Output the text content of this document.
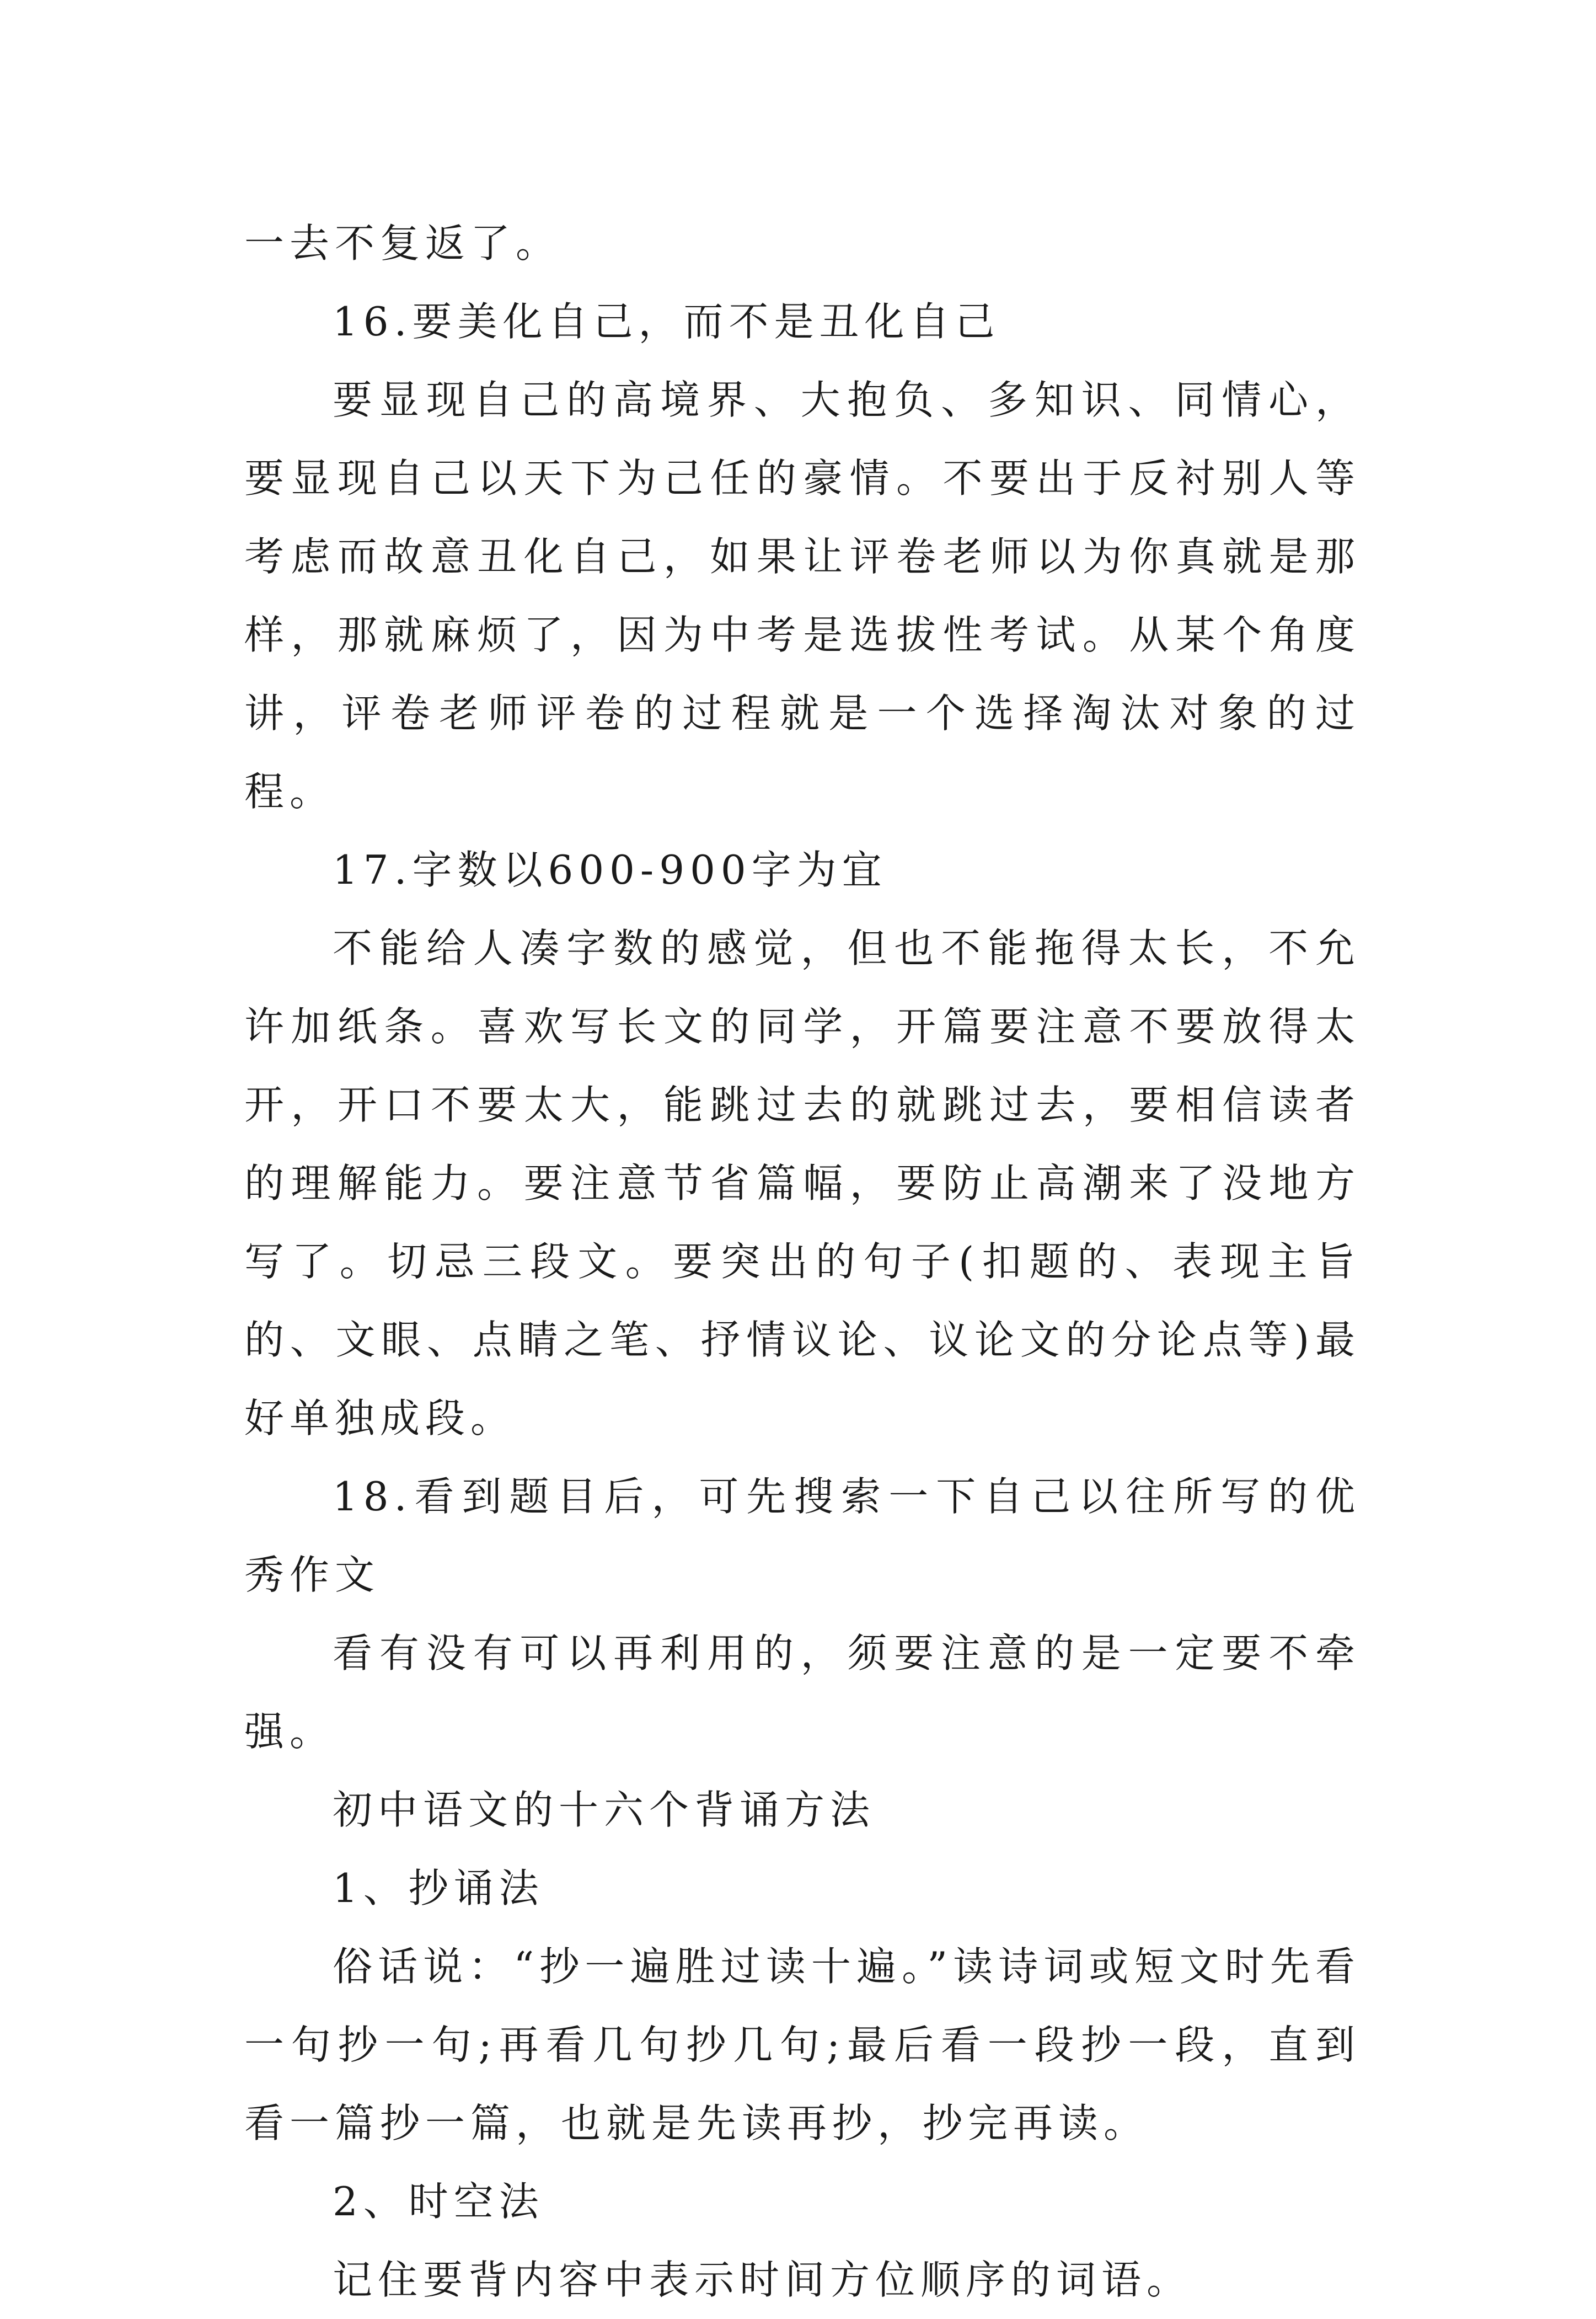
一去不复返了。

16.要美化自己，而不是丑化自己

要显现自己的高境界、大抱负、多知识、同情心，要显现自己以天下为己任的豪情。不要出于反衬别人等考虑而故意丑化自己，如果让评卷老师以为你真就是那样，那就麻烦了，因为中考是选拔性考试。从某个角度讲，评卷老师评卷的过程就是一个选择淘汰对象的过程。

17.字数以600-900字为宜

不能给人凑字数的感觉，但也不能拖得太长，不允许加纸条。喜欢写长文的同学，开篇要注意不要放得太开，开口不要太大，能跳过去的就跳过去，要相信读者的理解能力。要注意节省篇幅，要防止高潮来了没地方写了。切忌三段文。要突出的句子(扣题的、表现主旨的、文眼、点睛之笔、抒情议论、议论文的分论点等)最好单独成段。

18.看到题目后，可先搜索一下自己以往所写的优秀作文

看有没有可以再利用的，须要注意的是一定要不牵强。

初中语文的十六个背诵方法

1、抄诵法

俗话说：“抄一遍胜过读十遍。”读诗词或短文时先看一句抄一句;再看几句抄几句;最后看一段抄一段，直到看一篇抄一篇，也就是先读再抄，抄完再读。

2、时空法

记住要背内容中表示时间方位顺序的词语。
